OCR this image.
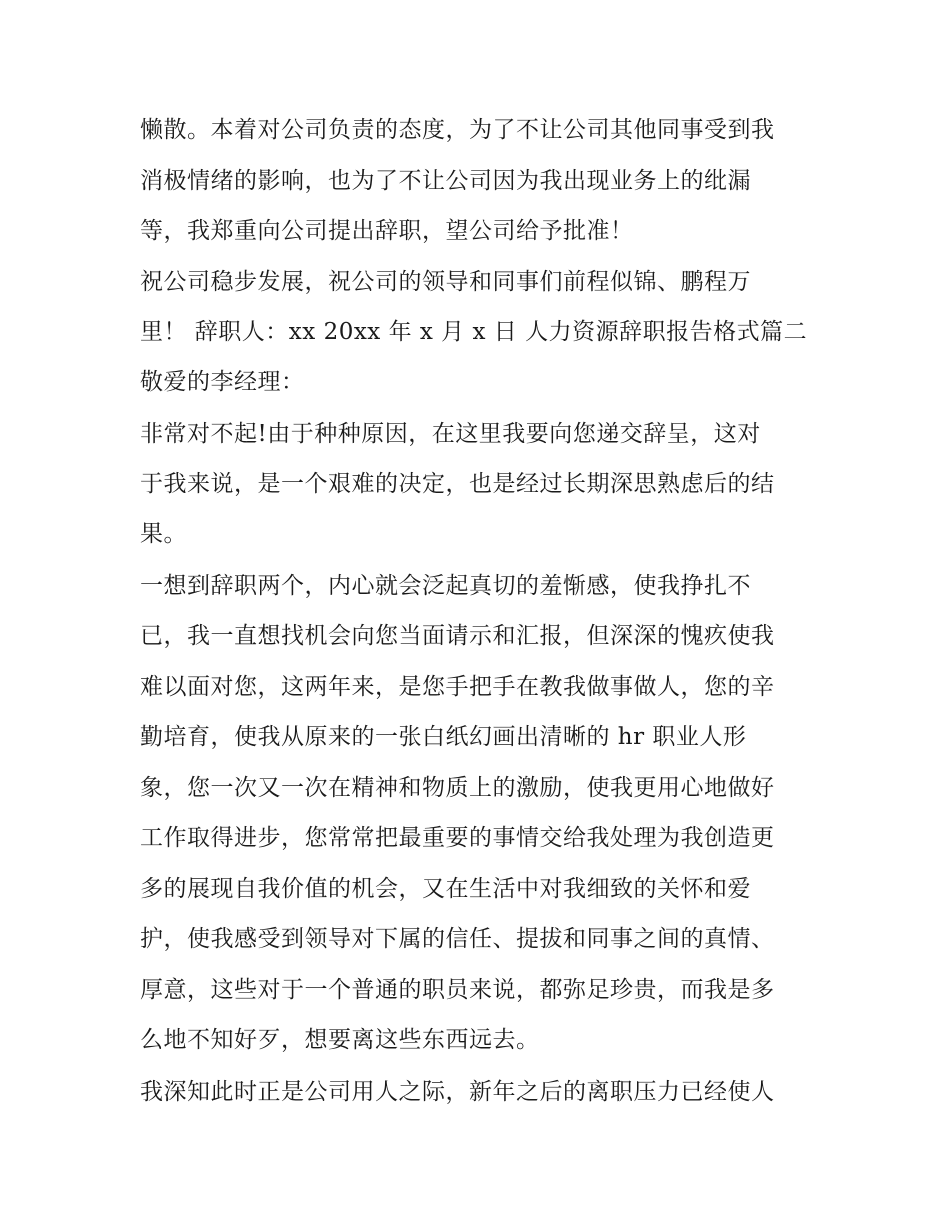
懒散。本着对公司负责的态度，为了不让公司其他同事受到我
消极情绪的影响，也为了不让公司因为我出现业务上的纰漏
等，我郑重向公司提出辞职，望公司给予批准！
祝公司稳步发展，祝公司的领导和同事们前程似锦、鹏程万
里！ 辞职人：xx 20xx 年 x 月 x 日 人力资源辞职报告格式篇二
敬爱的李经理：
非常对不起!由于种种原因，在这里我要向您递交辞呈，这对
于我来说，是一个艰难的决定，也是经过长期深思熟虑后的结
果。
一想到辞职两个，内心就会泛起真切的羞惭感，使我挣扎不
已，我一直想找机会向您当面请示和汇报，但深深的愧疚使我
难以面对您，这两年来，是您手把手在教我做事做人，您的辛
勤培育，使我从原来的一张白纸幻画出清晰的 hr 职业人形
象，您一次又一次在精神和物质上的激励，使我更用心地做好
工作取得进步，您常常把最重要的事情交给我处理为我创造更
多的展现自我价值的机会，又在生活中对我细致的关怀和爱
护，使我感受到领导对下属的信任、提拔和同事之间的真情、
厚意，这些对于一个普通的职员来说，都弥足珍贵，而我是多
么地不知好歹，想要离这些东西远去。
我深知此时正是公司用人之际，新年之后的离职压力已经使人
